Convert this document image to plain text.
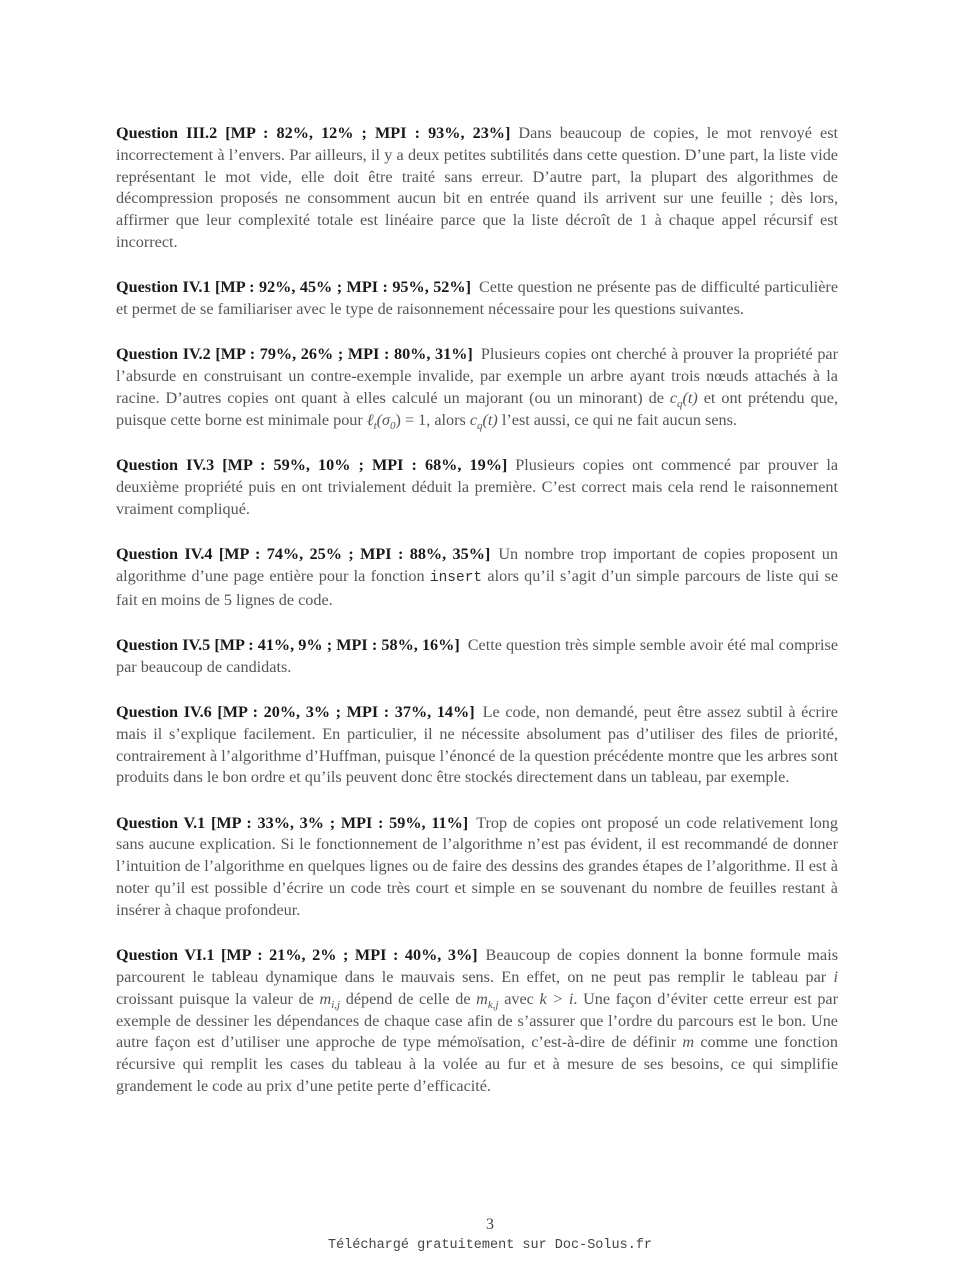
Question III.2 [MP : 82%, 12% ; MPI : 93%, 23%] Dans beaucoup de copies, le mot renvoyé est incorrectement à l’envers. Par ailleurs, il y a deux petites subtilités dans cette question. D’une part, la liste vide représentant le mot vide, elle doit être traité sans erreur. D’autre part, la plupart des algorithmes de décompression proposés ne consomment aucun bit en entrée quand ils arrivent sur une feuille ; dès lors, affirmer que leur complexité totale est linéaire parce que la liste décroît de 1 à chaque appel récursif est incorrect.

Question IV.1 [MP : 92%, 45% ; MPI : 95%, 52%] Cette question ne présente pas de difficulté particulière et permet de se familiariser avec le type de raisonnement nécessaire pour les questions suivantes.

Question IV.2 [MP : 79%, 26% ; MPI : 80%, 31%] Plusieurs copies ont cherché à prouver la propriété par l’absurde en construisant un contre-exemple invalide, par exemple un arbre ayant trois nœuds attachés à la racine. D’autres copies ont quant à elles calculé un majorant (ou un minorant) de $c_q(t)$ et ont prétendu que, puisque cette borne est minimale pour $\ell_t(\sigma_0) = 1$, alors $c_q(t)$ l’est aussi, ce qui ne fait aucun sens.

Question IV.3 [MP : 59%, 10% ; MPI : 68%, 19%] Plusieurs copies ont commencé par prouver la deuxième propriété puis en ont trivialement déduit la première. C’est correct mais cela rend le raisonnement vraiment compliqué.

Question IV.4 [MP : 74%, 25% ; MPI : 88%, 35%] Un nombre trop important de copies proposent un algorithme d’une page entière pour la fonction insert alors qu’il s’agit d’un simple parcours de liste qui se fait en moins de 5 lignes de code.

Question IV.5 [MP : 41%, 9% ; MPI : 58%, 16%] Cette question très simple semble avoir été mal comprise par beaucoup de candidats.

Question IV.6 [MP : 20%, 3% ; MPI : 37%, 14%] Le code, non demandé, peut être assez subtil à écrire mais il s’explique facilement. En particulier, il ne nécessite absolument pas d’utiliser des files de priorité, contrairement à l’algorithme d’Huffman, puisque l’énoncé de la question précédente montre que les arbres sont produits dans le bon ordre et qu’ils peuvent donc être stockés directement dans un tableau, par exemple.

Question V.1 [MP : 33%, 3% ; MPI : 59%, 11%] Trop de copies ont proposé un code relativement long sans aucune explication. Si le fonctionnement de l’algorithme n’est pas évident, il est recommandé de donner l’intuition de l’algorithme en quelques lignes ou de faire des dessins des grandes étapes de l’algorithme. Il est à noter qu’il est possible d’écrire un code très court et simple en se souvenant du nombre de feuilles restant à insérer à chaque profondeur.

Question VI.1 [MP : 21%, 2% ; MPI : 40%, 3%] Beaucoup de copies donnent la bonne formule mais parcourent le tableau dynamique dans le mauvais sens. En effet, on ne peut pas remplir le tableau par i croissant puisque la valeur de $m_{i,j}$ dépend de celle de $m_{k,j}$ avec k > i. Une façon d’éviter cette erreur est par exemple de dessiner les dépendances de chaque case afin de s’assurer que l’ordre du parcours est le bon. Une autre façon est d’utiliser une approche de type mémoïsation, c’est-à-dire de définir m comme une fonction récursive qui remplit les cases du tableau à la volée au fur et à mesure de ses besoins, ce qui simplifie grandement le code au prix d’une petite perte d’efficacité.

3
Téléchargé gratuitement sur Doc-Solus.fr
